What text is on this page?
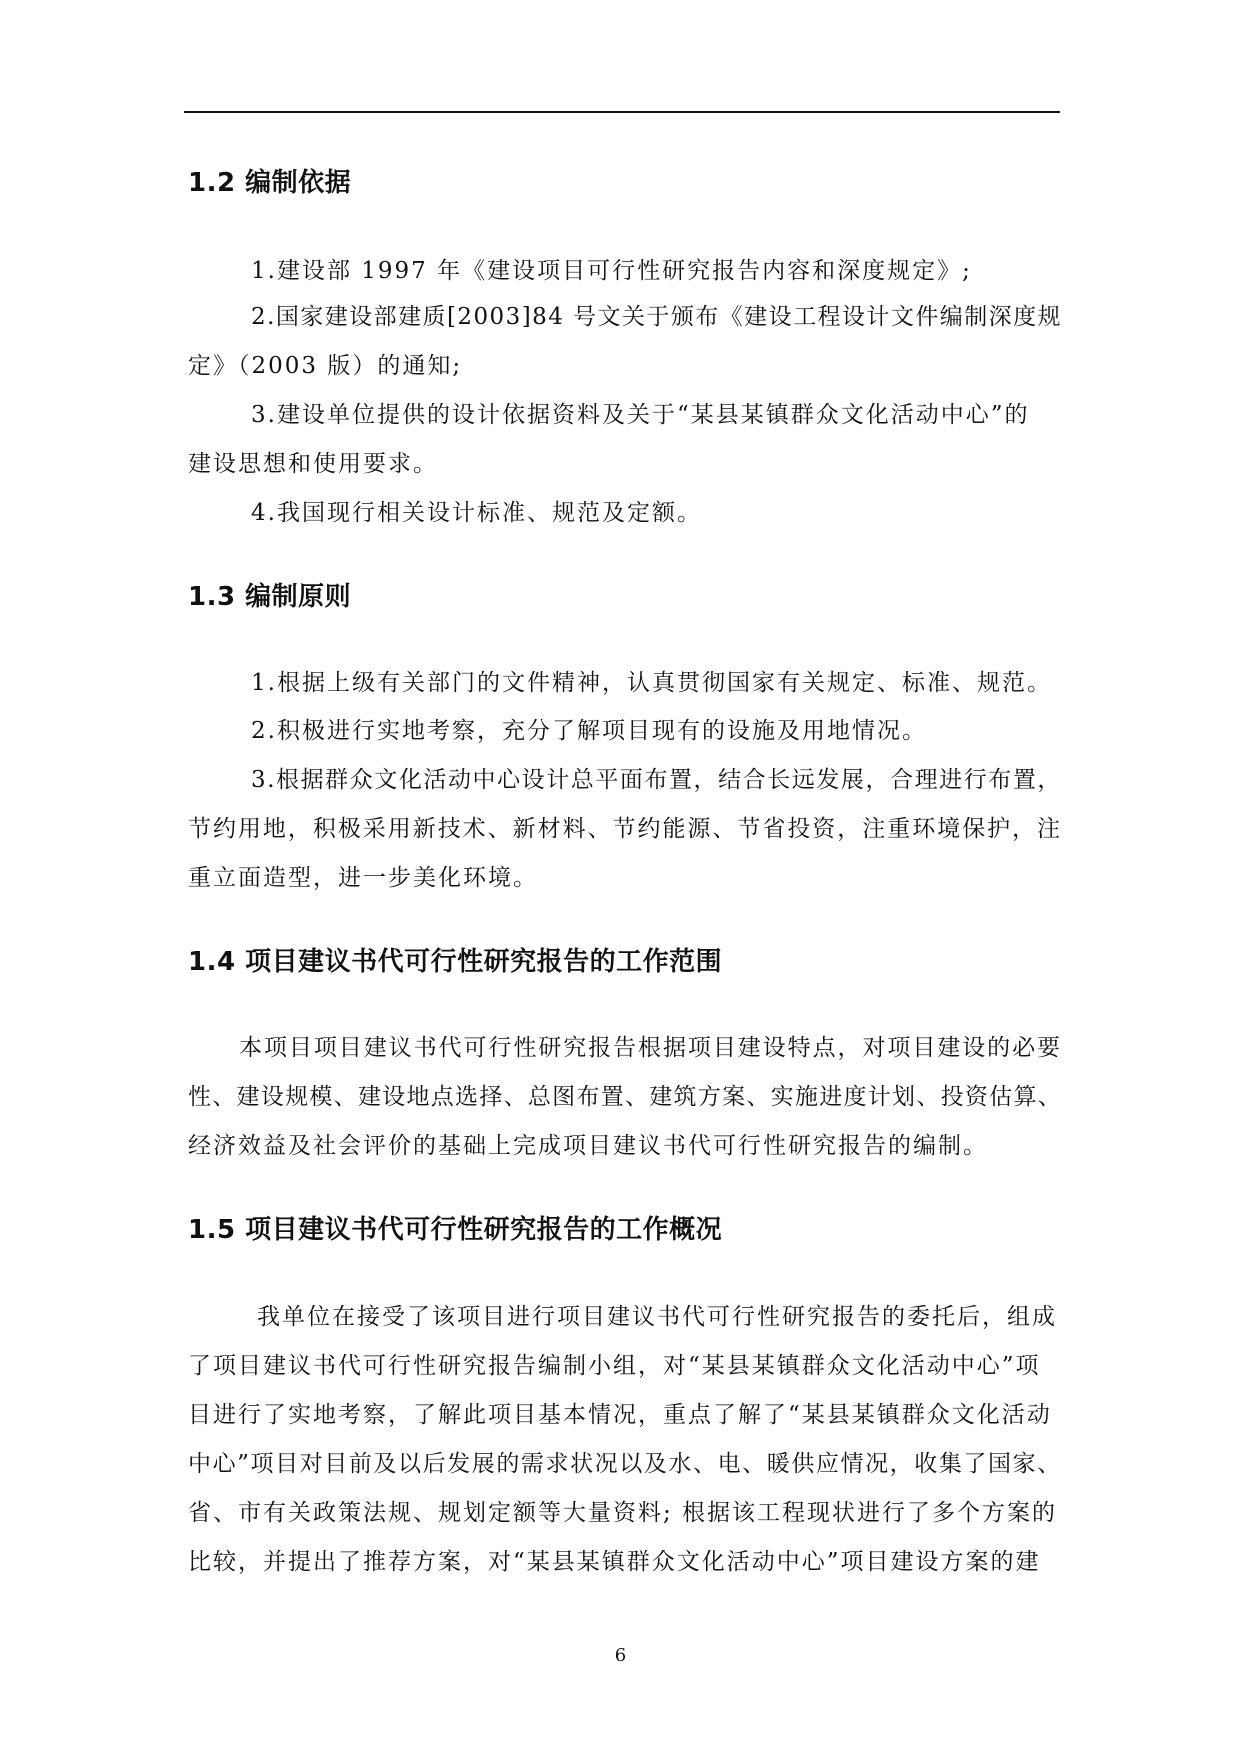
1.2 编制依据
1.建设部 1997 年《建设项目可行性研究报告内容和深度规定》;
2.国家建设部建质[2003]84 号文关于颁布《建设工程设计文件编制深度规
定》（2003 版）的通知;
3.建设单位提供的设计依据资料及关于“某县某镇群众文化活动中心”的
建设思想和使用要求。
4.我国现行相关设计标准、规范及定额。
1.3 编制原则
1.根据上级有关部门的文件精神，认真贯彻国家有关规定、标准、规范。
2.积极进行实地考察，充分了解项目现有的设施及用地情况。
3.根据群众文化活动中心设计总平面布置，结合长远发展，合理进行布置，
节约用地，积极采用新技术、新材料、节约能源、节省投资，注重环境保护，注
重立面造型，进一步美化环境。
1.4 项目建议书代可行性研究报告的工作范围
本项目项目建议书代可行性研究报告根据项目建设特点，对项目建设的必要
性、建设规模、建设地点选择、总图布置、建筑方案、实施进度计划、投资估算、
经济效益及社会评价的基础上完成项目建议书代可行性研究报告的编制。
1.5 项目建议书代可行性研究报告的工作概况
我单位在接受了该项目进行项目建议书代可行性研究报告的委托后，组成
了项目建议书代可行性研究报告编制小组，对“某县某镇群众文化活动中心”项
目进行了实地考察，了解此项目基本情况，重点了解了“某县某镇群众文化活动
中心”项目对目前及以后发展的需求状况以及水、电、暖供应情况，收集了国家、
省、市有关政策法规、规划定额等大量资料; 根据该工程现状进行了多个方案的
比较，并提出了推荐方案，对“某县某镇群众文化活动中心”项目建设方案的建
6
